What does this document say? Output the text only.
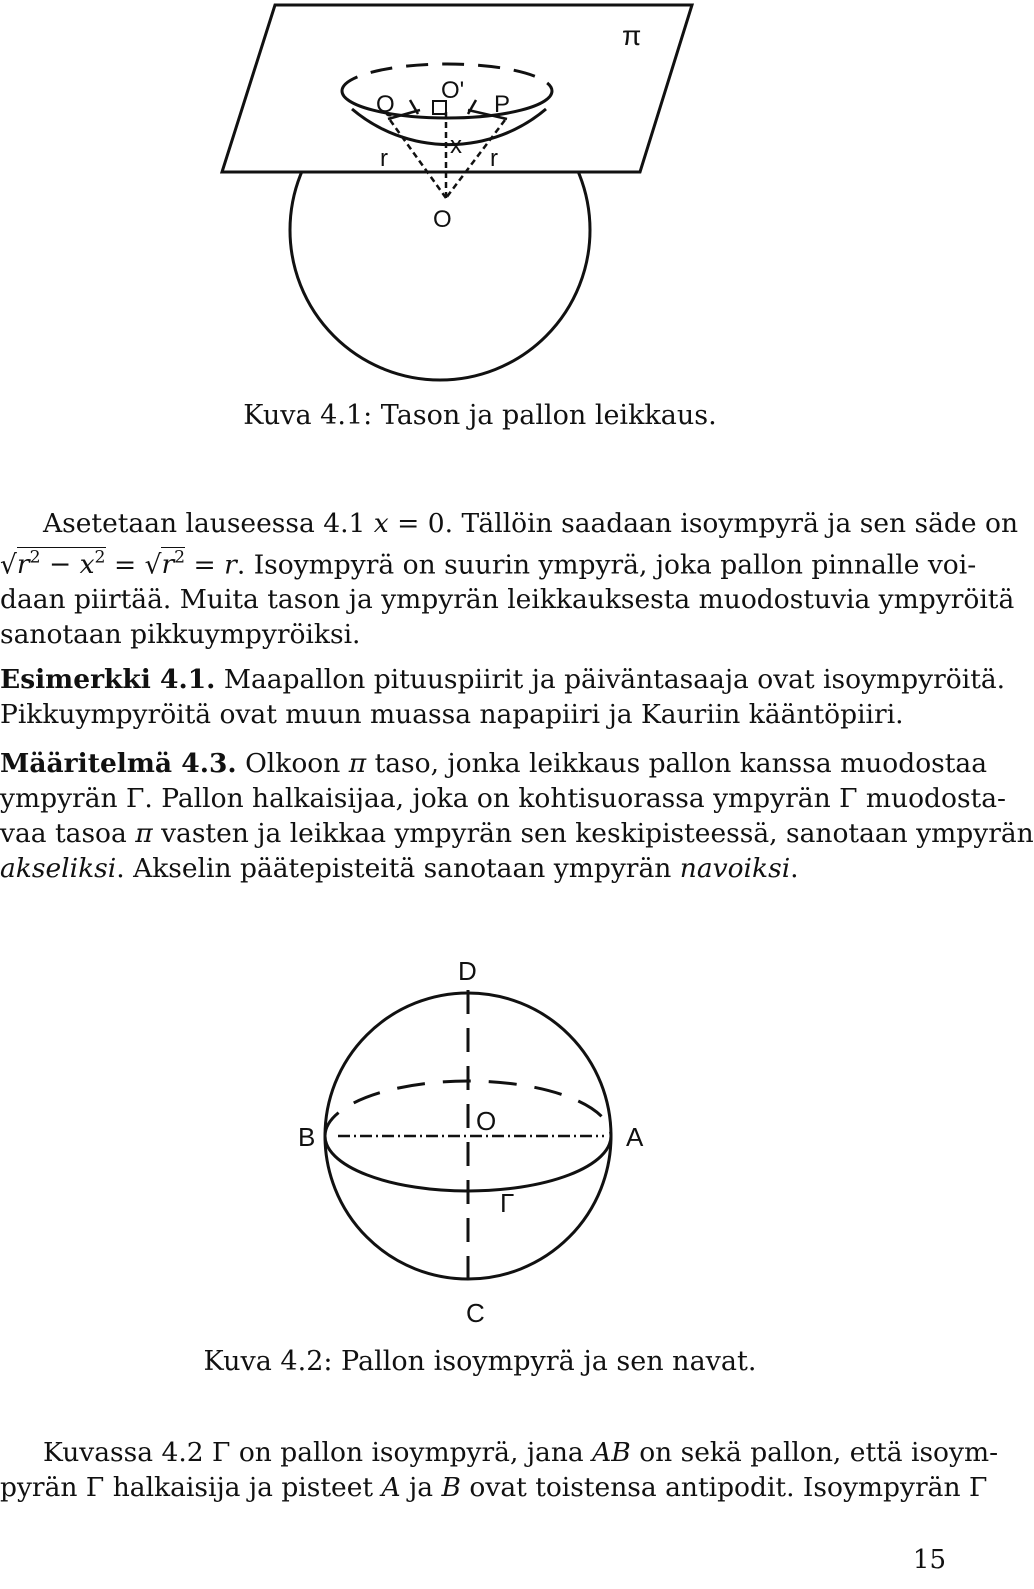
π
Q
O'
P
r	x r
O
Kuva 4.1: Tason ja pallon leikkaus.
Asetetaan lauseessa 4.1 x = 0. Tällöin saadaan isoympyrä ja sen säde on
$√r^2 - x^2 = √r^2 = r$. Isoympyrä on suurin ympyrä, joka pallon pinnalle voi-
daan piirtää. Muita tason ja ympyrän leikkauksesta muodostuvia ympyröitä
sanotaan pikkuympyröiksi.
Esimerkki 4.1. Maapallon pituuspiirit ja päiväntasaaja ovat isoympyröitä.
Pikkuympyröitä ovat muun muassa napapiiri ja Kauriin kääntöpiiri.
Määritelmä 4.3. Olkoon π taso, jonka leikkaus pallon kanssa muodostaa
ympyrän Γ. Pallon halkaisijaa, joka on kohtisuorassa ympyrän Γ muodosta-
vaa tasoa π vasten ja leikkaa ympyrän sen keskipisteessä, sanotaan ympyrän
akseliksi. Akselin päätepisteitä sanotaan ympyrän navoiksi.
D
B
O
A
Γ
C
Kuva 4.2: Pallon isoympyrä ja sen navat.
Kuvassa 4.2 Γ on pallon isoympyrä, jana AB on sekä pallon, että isoym-
pyrän Γ halkaisija ja pisteet A ja B ovat toistensa antipodit. Isoympyrän Γ
15
